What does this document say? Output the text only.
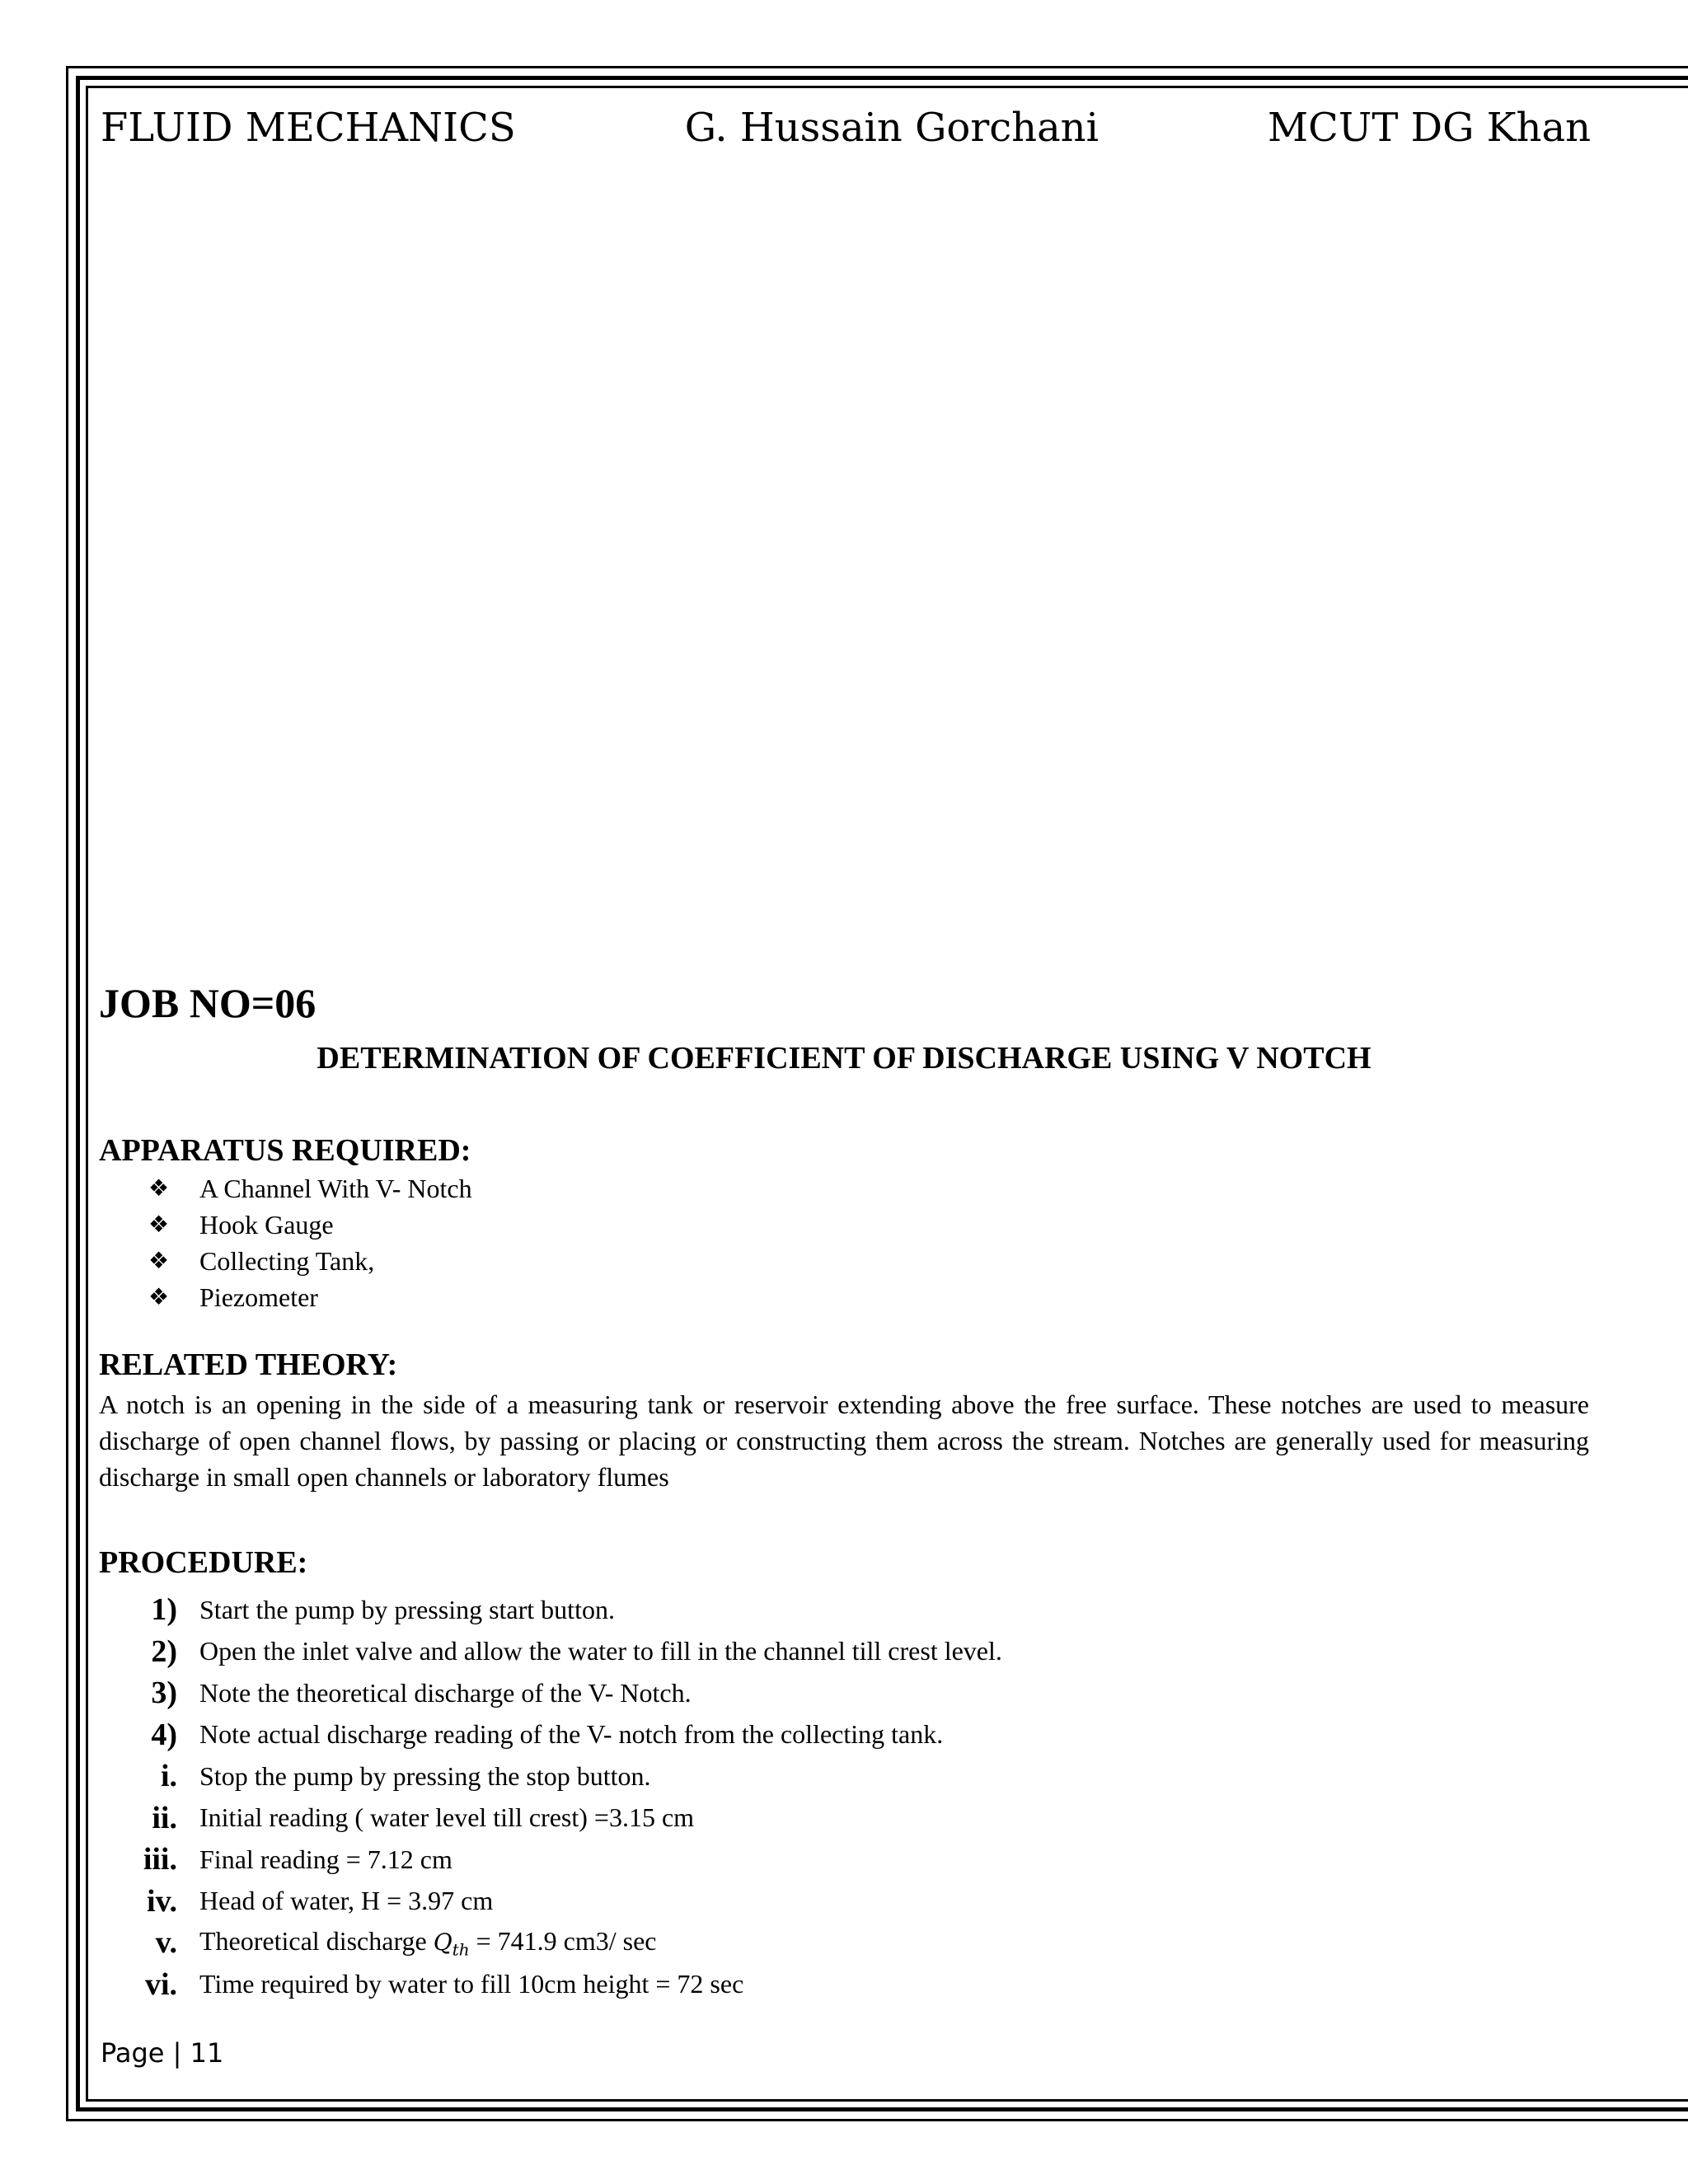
FLUID MECHANICS	G. Hussain Gorchani	MCUT DG Khan
JOB NO=06
DETERMINATION OF COEFFICIENT OF DISCHARGE USING V NOTCH
APPARATUS REQUIRED:
❖	A Channel With V- Notch
❖	Hook Gauge
❖	Collecting Tank,
❖	Piezometer
RELATED THEORY:
A notch is an opening in the side of a measuring tank or reservoir extending above the free surface. These notches are used to measure discharge of open channel flows, by passing or placing or constructing them across the stream. Notches are generally used for measuring discharge in small open channels or laboratory flumes
PROCEDURE:
1) Start the pump by pressing start button.
2) Open the inlet valve and allow the water to fill in the channel till crest level.
3) Note the theoretical discharge of the V- Notch.
4) Note actual discharge reading of the V- notch from the collecting tank.
i. Stop the pump by pressing the stop button.
ii. Initial reading ( water level till crest) =3.15 cm
iii. Final reading = 7.12 cm
iv. Head of water, H = 3.97 cm
v. Theoretical discharge $Q_{th} = 741.9$ cm3/ sec
vi. Time required by water to fill 10cm height = 72 sec
Page | 11
